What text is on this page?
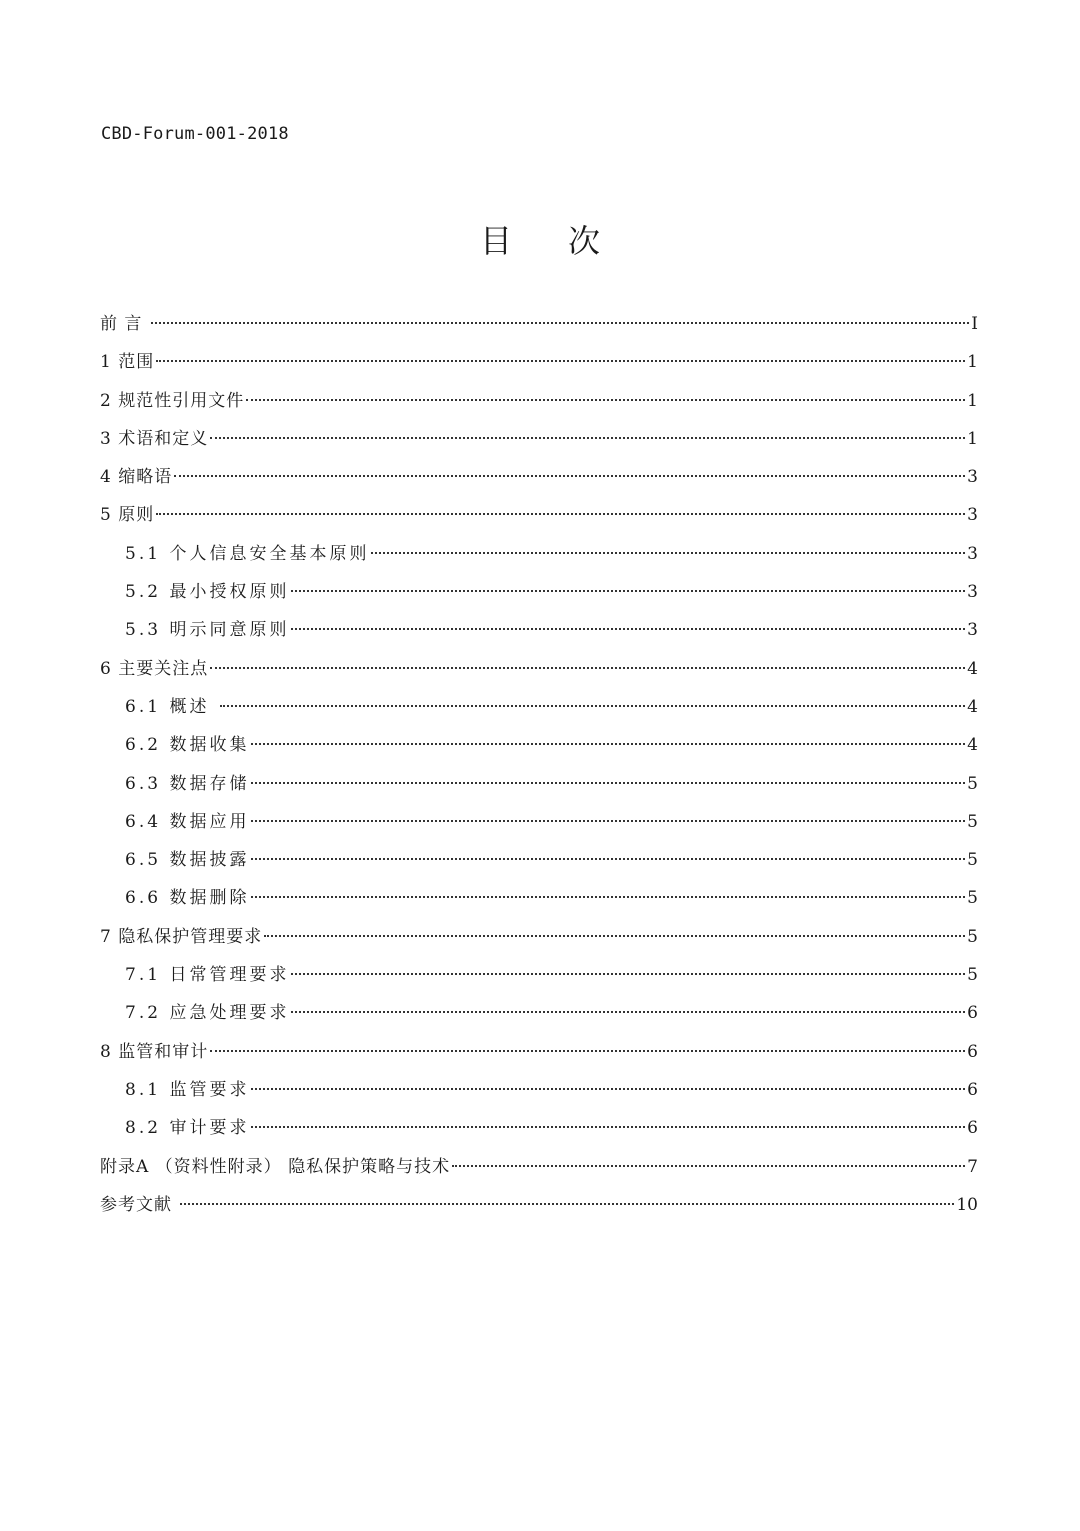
CBD-Forum-001-2018
目 次
前 言	I
1 范围	1
2 规范性引用文件	1
3 术语和定义	1
4 缩略语	3
5 原则	3
5.1 个人信息安全基本原则	3
5.2 最小授权原则	3
5.3 明示同意原则	3
6 主要关注点	4
6.1 概述	4
6.2 数据收集	4
6.3 数据存储	5
6.4 数据应用	5
6.5 数据披露	5
6.6 数据删除	5
7 隐私保护管理要求	5
7.1 日常管理要求	5
7.2 应急处理要求	6
8 监管和审计	6
8.1 监管要求	6
8.2 审计要求	6
附录A （资料性附录） 隐私保护策略与技术	7
参考文献	10
